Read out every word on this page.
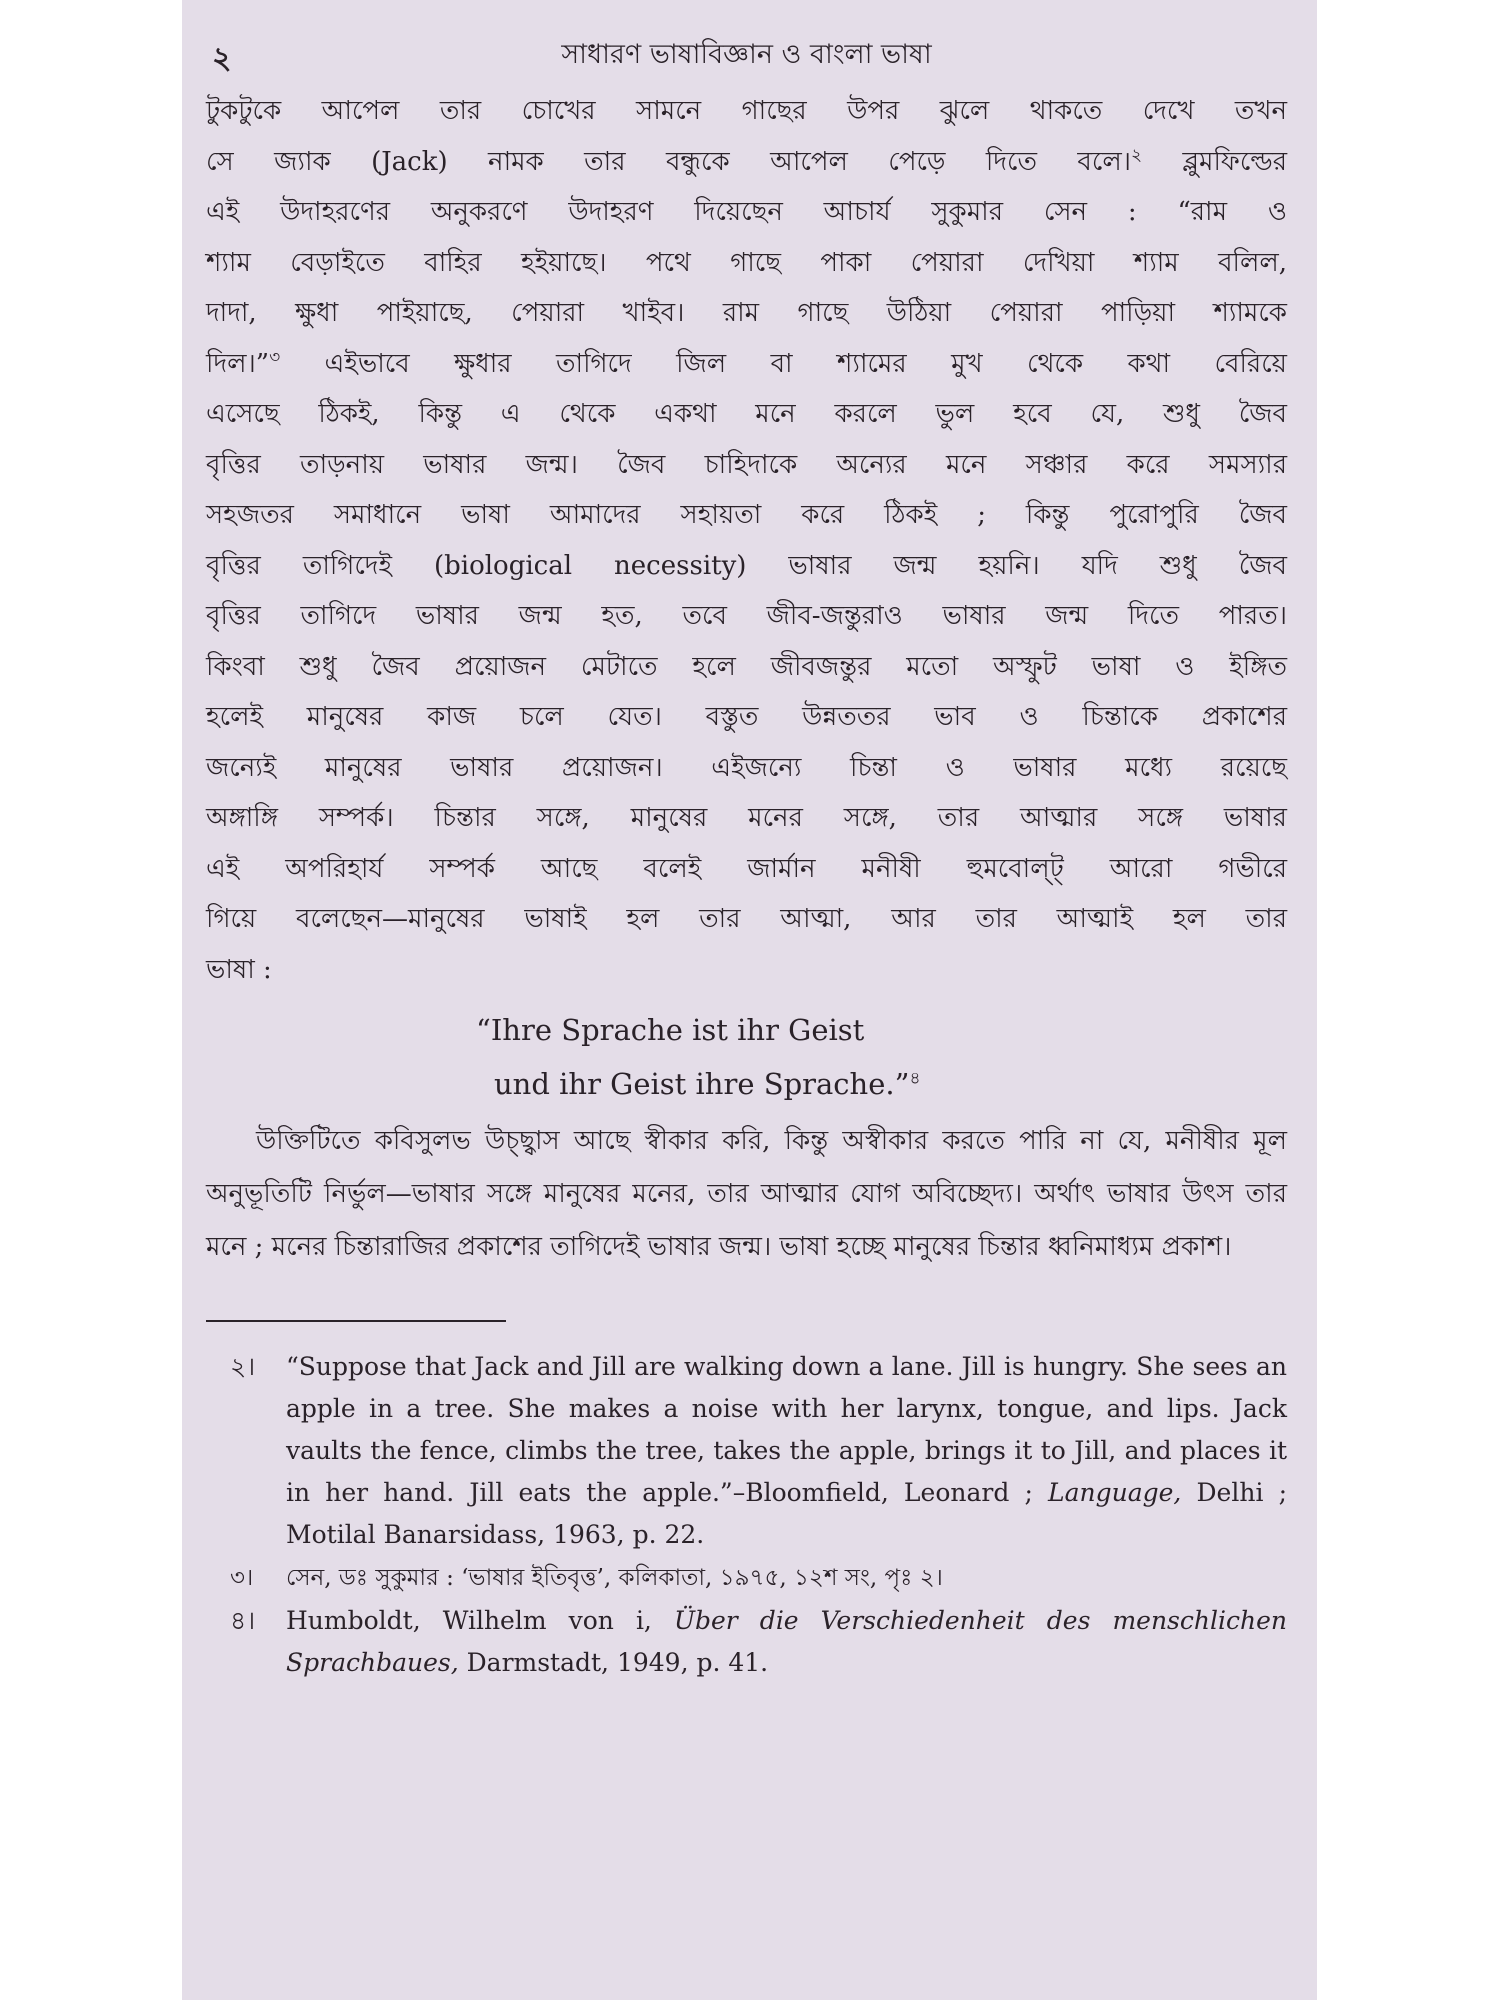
২	সাধারণ ভাষাবিজ্ঞান ও বাংলা ভাষা

টুকটুকে আপেল তার চোখের সামনে গাছের উপর ঝুলে থাকতে দেখে তখন

সে জ্যাক (Jack) নামক তার বন্ধুকে আপেল পেড়ে দিতে বলে।$^২$ ব্লুমফিল্ডের

এই উদাহরণের অনুকরণে উদাহরণ দিয়েছেন আচার্য সুকুমার সেন : “রাম ও

শ্যাম বেড়াইতে বাহির হইয়াছে। পথে গাছে পাকা পেয়ারা দেখিয়া শ্যাম বলিল,

দাদা, ক্ষুধা পাইয়াছে, পেয়ারা খাইব। রাম গাছে উঠিয়া পেয়ারা পাড়িয়া শ্যামকে

দিল।”$^৩$ এইভাবে ক্ষুধার তাগিদে জিল বা শ্যামের মুখ থেকে কথা বেরিয়ে

এসেছে ঠিকই, কিন্তু এ থেকে একথা মনে করলে ভুল হবে যে, শুধু জৈব

বৃত্তির তাড়নায় ভাষার জন্ম। জৈব চাহিদাকে অন্যের মনে সঞ্চার করে সমস্যার

সহজতর সমাধানে ভাষা আমাদের সহায়তা করে ঠিকই ; কিন্তু পুরোপুরি জৈব

বৃত্তির তাগিদেই (biological necessity) ভাষার জন্ম হয়নি। যদি শুধু জৈব

বৃত্তির তাগিদে ভাষার জন্ম হত, তবে জীব-জন্তুরাও ভাষার জন্ম দিতে পারত।

কিংবা শুধু জৈব প্রয়োজন মেটাতে হলে জীবজন্তুর মতো অস্ফুট ভাষা ও ইঙ্গিত

হলেই মানুষের কাজ চলে যেত। বস্তুত উন্নততর ভাব ও চিন্তাকে প্রকাশের

জন্যেই মানুষের ভাষার প্রয়োজন। এইজন্যে চিন্তা ও ভাষার মধ্যে রয়েছে

অঙ্গাঙ্গি সম্পর্ক। চিন্তার সঙ্গে, মানুষের মনের সঙ্গে, তার আত্মার সঙ্গে ভাষার

এই অপরিহার্য সম্পর্ক আছে বলেই জার্মান মনীষী হুমবোল্ট্ আরো গভীরে

গিয়ে বলেছেন—মানুষের ভাষাই হল তার আত্মা, আর তার আত্মাই হল তার

ভাষা :

“Ihre Sprache ist ihr Geist
und ihr Geist ihre Sprache.”$^৪$

উক্তিটিতে কবিসুলভ উচ্ছ্বাস আছে স্বীকার করি, কিন্তু অস্বীকার করতে পারি না যে, মনীষীর মূল অনুভূতিটি নির্ভুল—ভাষার সঙ্গে মানুষের মনের, তার আত্মার যোগ অবিচ্ছেদ্য। অর্থাৎ ভাষার উৎস তার মনে ; মনের চিন্তারাজির প্রকাশের তাগিদেই ভাষার জন্ম। ভাষা হচ্ছে মানুষের চিন্তার ধ্বনিমাধ্যম প্রকাশ।

২।	“Suppose that Jack and Jill are walking down a lane. Jill is hungry. She sees an apple in a tree. She makes a noise with her larynx, tongue, and lips. Jack vaults the fence, climbs the tree, takes the apple, brings it to Jill, and places it in her hand. Jill eats the apple.”–Bloomfield, Leonard ; Language, Delhi ; Motilal Banarsidass, 1963, p. 22.
৩।	সেন, ডঃ সুকুমার : ‘ভাষার ইতিবৃত্ত’, কলিকাতা, ১৯৭৫, ১২শ সং, পৃঃ ২।
৪।	Humboldt, Wilhelm von i, Über die Verschiedenheit des menschlichen Sprachbaues, Darmstadt, 1949, p. 41.
